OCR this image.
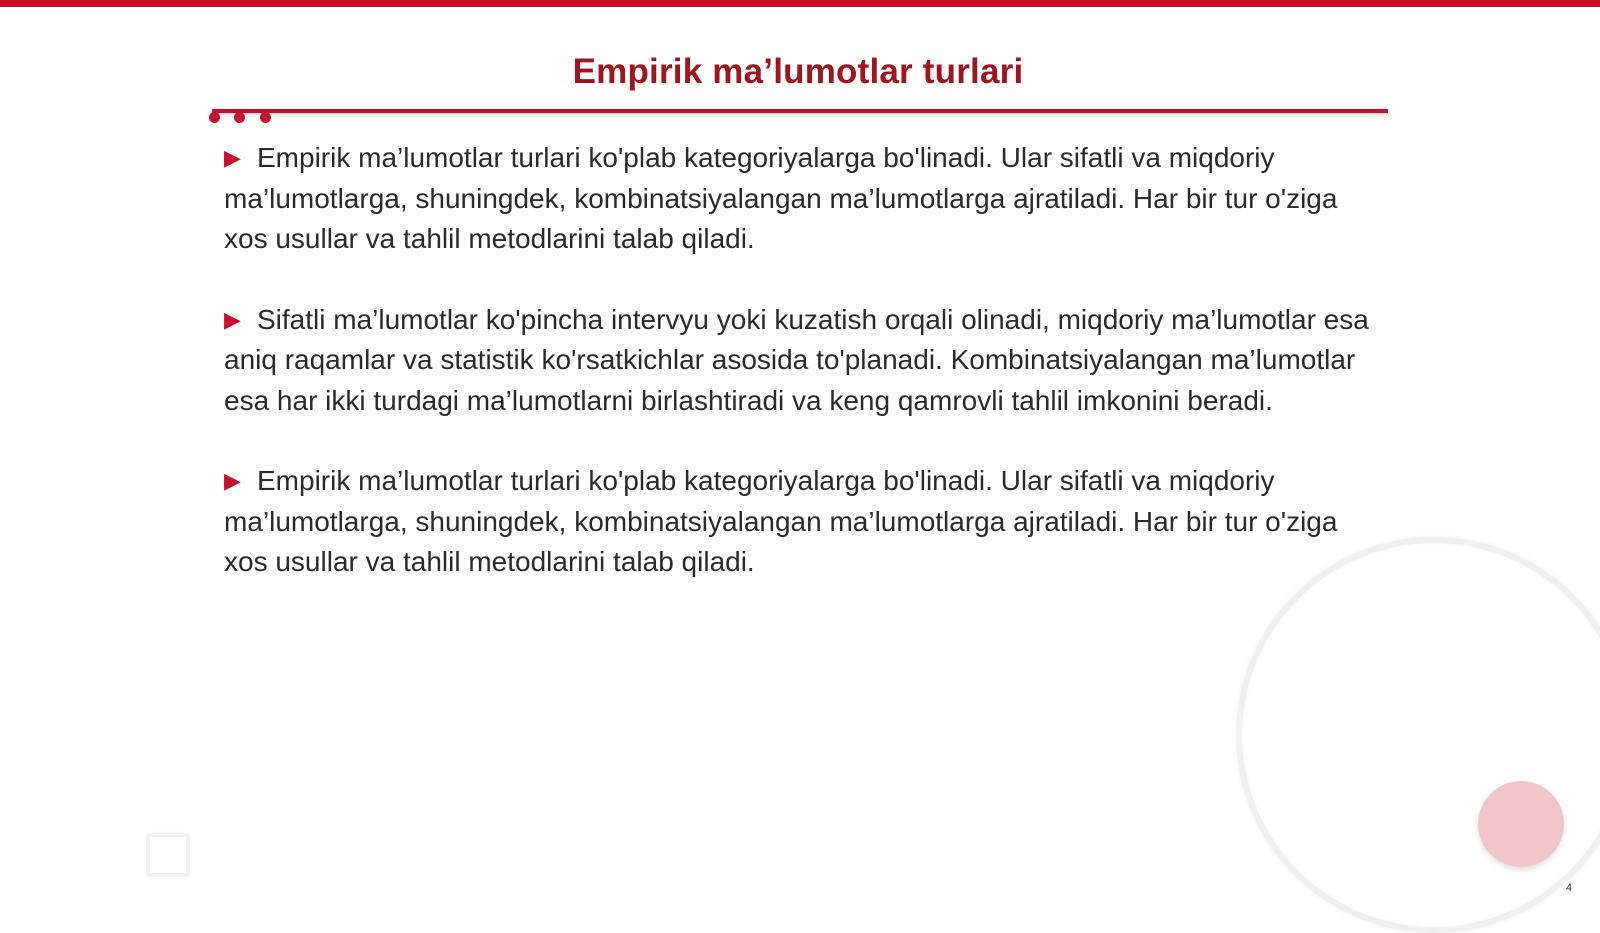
Empirik ma’lumotlar turlari

▶ Empirik ma’lumotlar turlari ko'plab kategoriyalarga bo'linadi. Ular sifatli va miqdoriy ma’lumotlarga, shuningdek, kombinatsiyalangan ma’lumotlarga ajratiladi. Har bir tur o'ziga xos usullar va tahlil metodlarini talab qiladi.

▶ Sifatli ma’lumotlar ko'pincha intervyu yoki kuzatish orqali olinadi, miqdoriy ma’lumotlar esa aniq raqamlar va statistik ko'rsatkichlar asosida to'planadi. Kombinatsiyalangan ma’lumotlar esa har ikki turdagi ma’lumotlarni birlashtiradi va keng qamrovli tahlil imkonini beradi.

▶ Empirik ma’lumotlar turlari ko'plab kategoriyalarga bo'linadi. Ular sifatli va miqdoriy ma’lumotlarga, shuningdek, kombinatsiyalangan ma’lumotlarga ajratiladi. Har bir tur o'ziga xos usullar va tahlil metodlarini talab qiladi.

4
